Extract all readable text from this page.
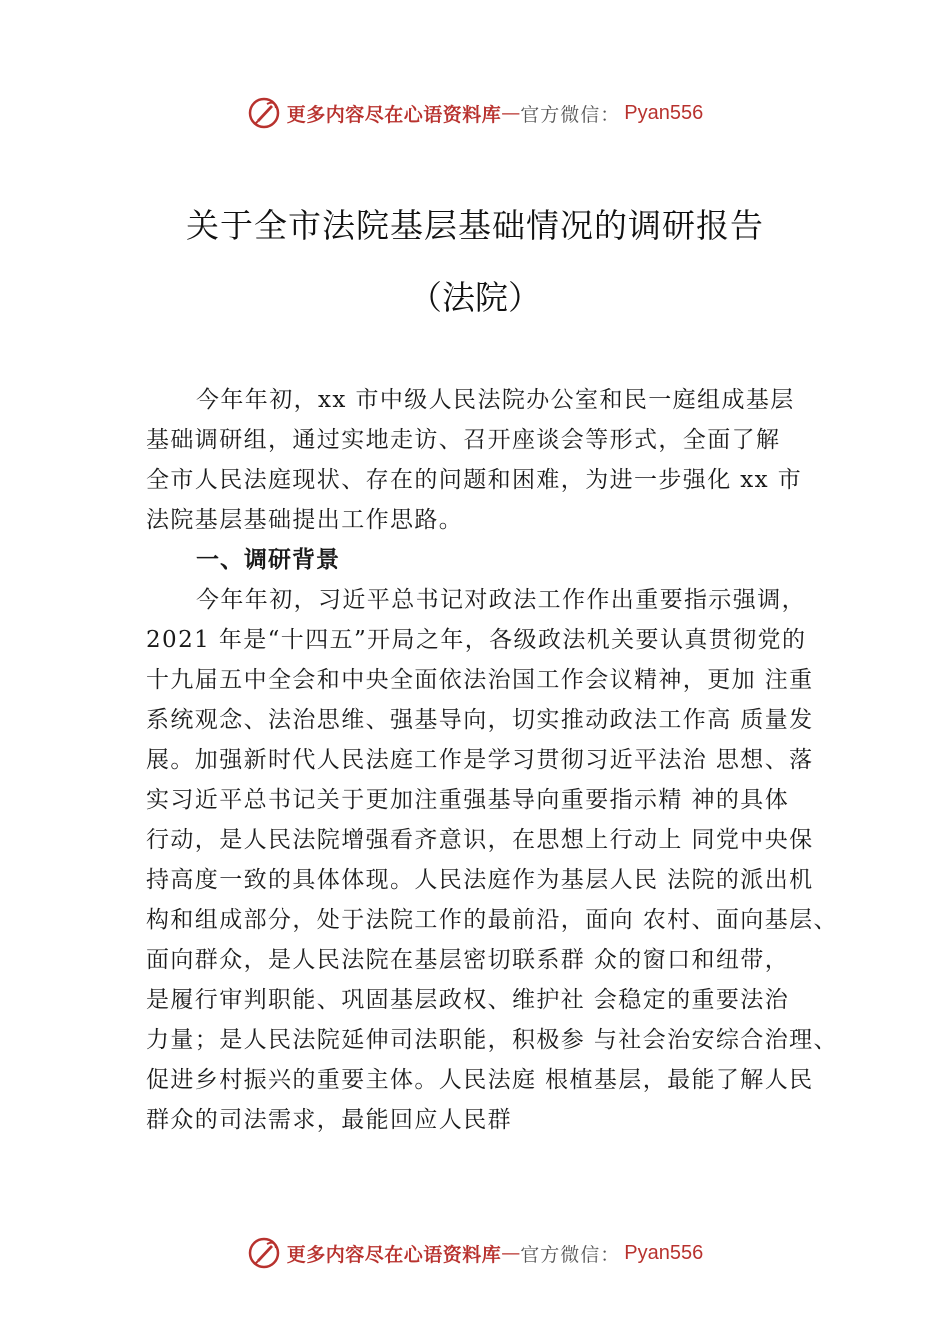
更多内容尽在心语资料库 — 官方微信： Pyan556
关于全市法院基层基础情况的调研报告
（法院）
今年年初，xx 市中级人民法院办公室和民一庭组成基层
基础调研组，通过实地走访、召开座谈会等形式，全面了解
全市人民法庭现状、存在的问题和困难，为进一步强化 xx 市
法院基层基础提出工作思路。
一、调研背景
今年年初，习近平总书记对政法工作作出重要指示强调，
2021 年是“十四五”开局之年，各级政法机关要认真贯彻党的
十九届五中全会和中央全面依法治国工作会议精神，更加 注重
系统观念、法治思维、强基导向，切实推动政法工作高 质量发
展。加强新时代人民法庭工作是学习贯彻习近平法治 思想、落
实习近平总书记关于更加注重强基导向重要指示精 神的具体
行动，是人民法院增强看齐意识，在思想上行动上 同党中央保
持高度一致的具体体现。人民法庭作为基层人民 法院的派出机
构和组成部分，处于法院工作的最前沿，面向 农村、面向基层、
面向群众，是人民法院在基层密切联系群 众的窗口和纽带，
是履行审判职能、巩固基层政权、维护社 会稳定的重要法治
力量；是人民法院延伸司法职能，积极参 与社会治安综合治理、
促进乡村振兴的重要主体。人民法庭 根植基层，最能了解人民
群众的司法需求，最能回应人民群
更多内容尽在心语资料库 — 官方微信： Pyan556
